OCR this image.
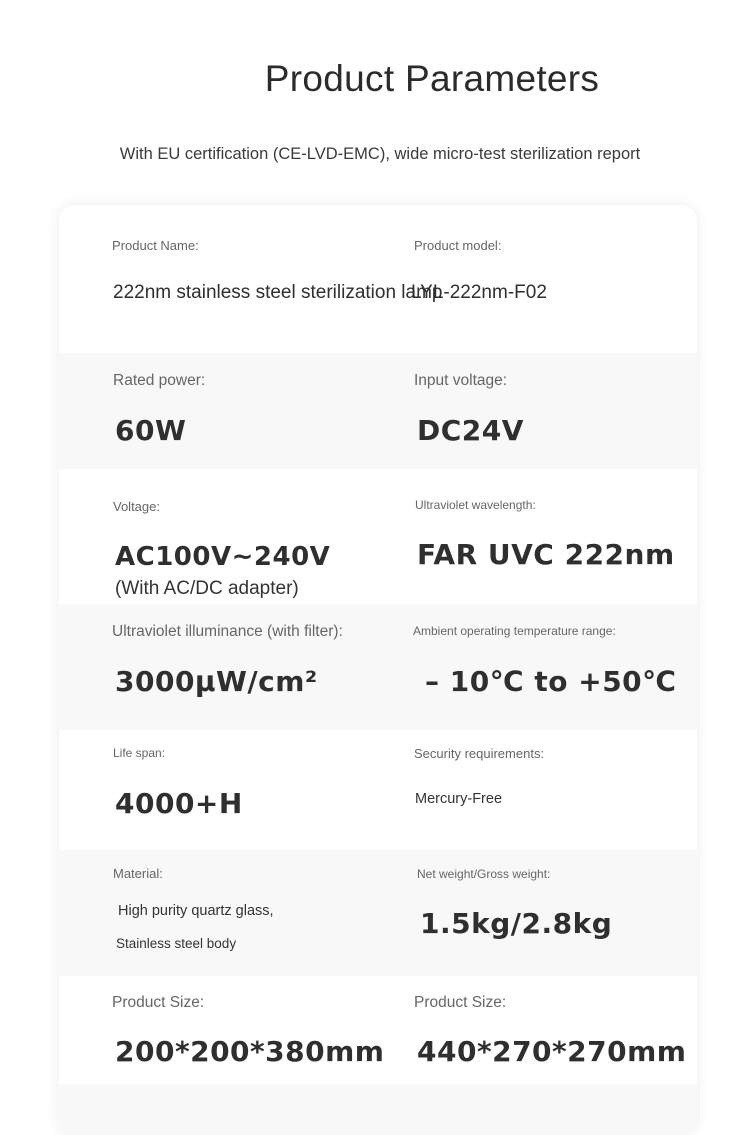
Product Parameters
With EU certification (CE-LVD-EMC), wide micro-test sterilization report
Product Name:
222nm stainless steel sterilization lamp
Product model:
LYL-222nm-F02
Rated power:
60W
Input voltage:
DC24V
Voltage:
AC100V~240V
(With AC/DC adapter)
Ultraviolet wavelength:
FAR UVC 222nm
Ultraviolet illuminance (with filter):
3000μW/cm²
Ambient operating temperature range:
– 10℃ to +50℃
Life span:
4000+H
Security requirements:
Mercury-Free
Material:
High purity quartz glass,
Stainless steel body
Net weight/Gross weight:
1.5kg/2.8kg
Product Size:
200*200*380mm
Product Size:
440*270*270mm
